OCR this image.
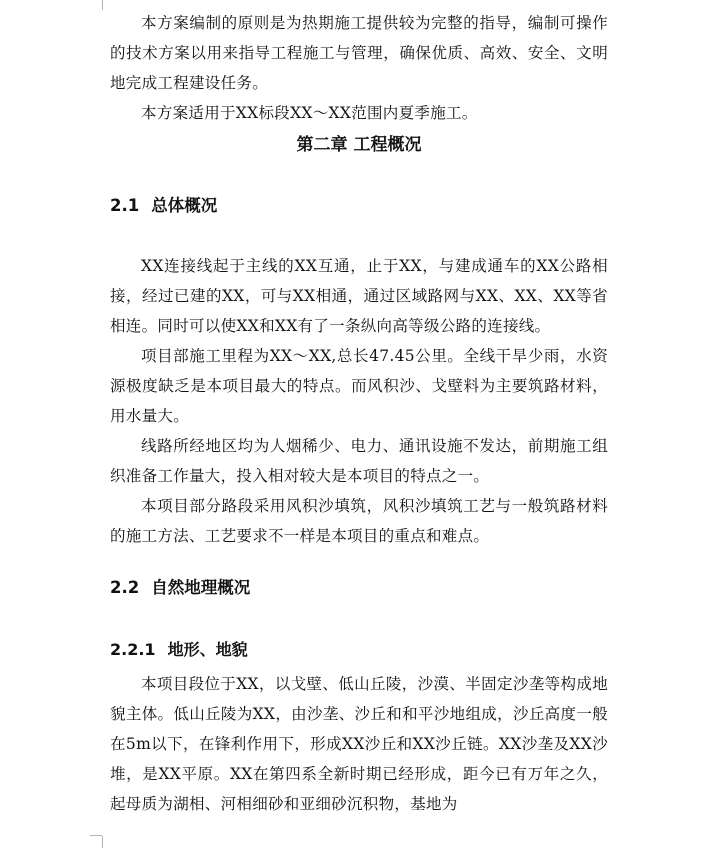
本方案编制的原则是为热期施工提供较为完整的指导，编制可操作的技术方案以用来指导工程施工与管理，确保优质、高效、安全、文明地完成工程建设任务。

本方案适用于XX标段XX～XX范围内夏季施工。

第二章 工程概况
2.1 总体概况

XX连接线起于主线的XX互通，止于XX，与建成通车的XX公路相接，经过已建的XX，可与XX相通，通过区域路网与XX、XX、XX等省相连。同时可以使XX和XX有了一条纵向高等级公路的连接线。

项目部施工里程为XX～XX,总长47.45公里。全线干旱少雨，水资源极度缺乏是本项目最大的特点。而风积沙、戈壁料为主要筑路材料，用水量大。

线路所经地区均为人烟稀少、电力、通讯设施不发达，前期施工组织准备工作量大，投入相对较大是本项目的特点之一。

本项目部分路段采用风积沙填筑，风积沙填筑工艺与一般筑路材料的施工方法、工艺要求不一样是本项目的重点和难点。

2.2 自然地理概况
2.2.1 地形、地貌

本项目段位于XX，以戈壁、低山丘陵，沙漠、半固定沙垄等构成地貌主体。低山丘陵为XX，由沙垄、沙丘和和平沙地组成，沙丘高度一般在5m以下，在锋利作用下，形成XX沙丘和XX沙丘链。XX沙垄及XX沙堆，是XX平原。XX在第四系全新时期已经形成，距今已有万年之久，起母质为湖相、河相细砂和亚细砂沉积物，基地为
